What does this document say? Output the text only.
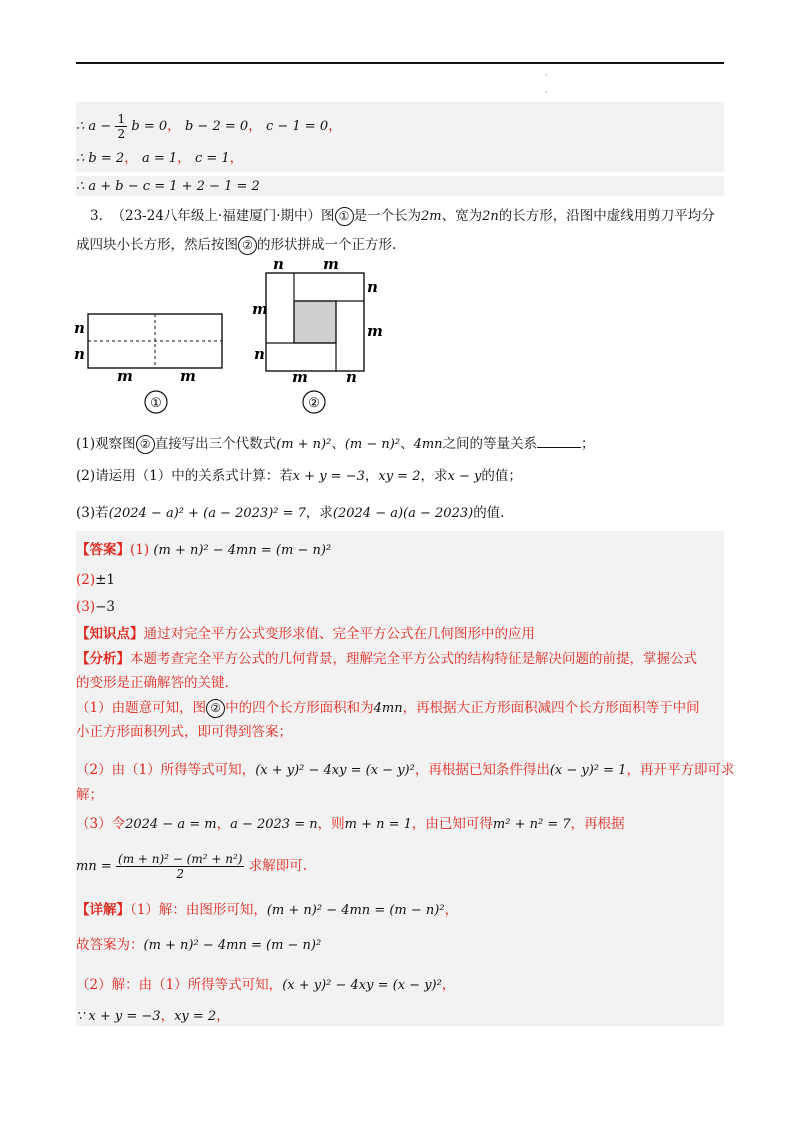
·
·
∴ $a - \frac{1}{2}$ b = 0， b − 2 = 0， c − 1 = 0，
∴ b = 2， a = 1， c = 1，
∴ a + b − c = 1 + 2 − 1 = 2
3. （23-24八年级上·福建厦门·期中）图 ① 是一个长为2m、宽为2n的长方形，沿图中虚线用剪刀平均分
成四块小长方形，然后按图 ② 的形状拼成一个正方形.
n
n
m	m
①
n	m
n
m
n
m
m	n
②
(1)观察图 ② 直接写出三个代数式(m + n)²、(m − n)²、4mn之间的等量关系	；
(2)请运用（1）中的关系式计算：若x + y = −3，xy = 2，求x − y的值；
(3)若(2024 − a)² + (a − 2023)² = 7，求(2024 − a)(a − 2023)的值.
【答案】(1) (m + n)² − 4mn = (m − n)²
(2)±1
(3)−3
【知识点】通过对完全平方公式变形求值、完全平方公式在几何图形中的应用
【分析】本题考查完全平方公式的几何背景，理解完全平方公式的结构特征是解决问题的前提，掌握公式
的变形是正确解答的关键.
（1）由题意可知，图 ② 中的四个长方形面积和为4mn，再根据大正方形面积减四个长方形面积等于中间
小正方形面积列式，即可得到答案；
（2）由（1）所得等式可知，(x + y)² − 4xy = (x − y)²，再根据已知条件得出(x − y)² = 1，再开平方即可求
解；
（3）令2024 − a = m，a − 2023 = n，则m + n = 1，由已知可得m² + n² = 7，再根据
mn = $\frac{\text{(m + n)² − (m² + n²)}}{2}$ 求解即可.
【详解】（1）解：由图形可知，(m + n)² − 4mn = (m − n)²，
故答案为：(m + n)² − 4mn = (m − n)²
（2）解：由（1）所得等式可知，(x + y)² − 4xy = (x − y)²，
∵ x + y = −3，xy = 2，
